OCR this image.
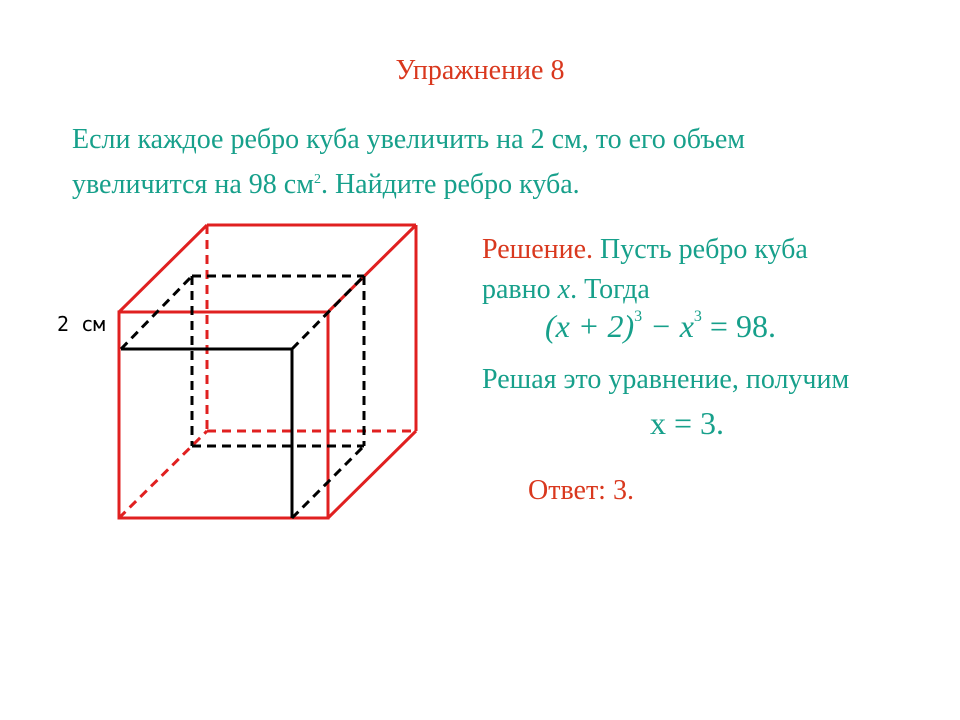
Упражнение 8
Если каждое ребро куба увеличить на 2 см, то его объем
увеличится на 98 $см^2$. Найдите ребро куба.
2 см
Решение. Пусть ребро куба
равно x. Тогда
$(x + 2)^3 - x^3 = 98$.
Решая это уравнение, получим
x = 3.
Ответ: 3.
